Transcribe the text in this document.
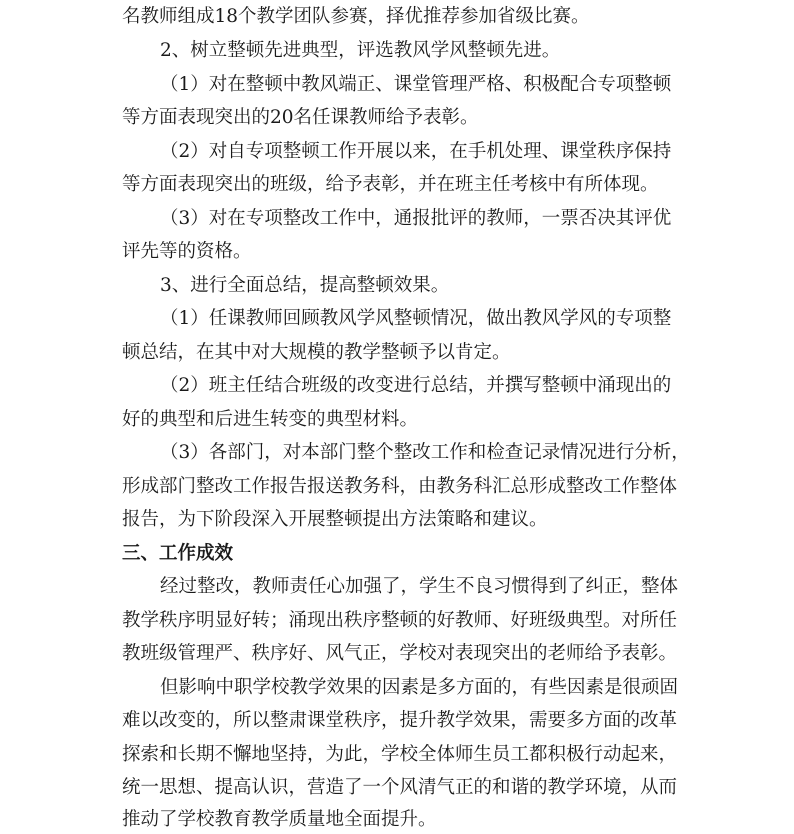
名教师组成18个教学团队参赛，择优推荐参加省级比赛。
2、树立整顿先进典型，评选教风学风整顿先进。
（1）对在整顿中教风端正、课堂管理严格、积极配合专项整顿
等方面表现突出的20名任课教师给予表彰。
（2）对自专项整顿工作开展以来，在手机处理、课堂秩序保持
等方面表现突出的班级，给予表彰，并在班主任考核中有所体现。
（3）对在专项整改工作中，通报批评的教师，一票否决其评优
评先等的资格。
3、进行全面总结，提高整顿效果。
（1）任课教师回顾教风学风整顿情况，做出教风学风的专项整
顿总结，在其中对大规模的教学整顿予以肯定。
（2）班主任结合班级的改变进行总结，并撰写整顿中涌现出的
好的典型和后进生转变的典型材料。
（3）各部门，对本部门整个整改工作和检查记录情况进行分析，
形成部门整改工作报告报送教务科，由教务科汇总形成整改工作整体
报告，为下阶段深入开展整顿提出方法策略和建议。
三、工作成效
经过整改，教师责任心加强了，学生不良习惯得到了纠正，整体
教学秩序明显好转；涌现出秩序整顿的好教师、好班级典型。对所任
教班级管理严、秩序好、风气正，学校对表现突出的老师给予表彰。
但影响中职学校教学效果的因素是多方面的，有些因素是很顽固
难以改变的，所以整肃课堂秩序，提升教学效果，需要多方面的改革
探索和长期不懈地坚持，为此，学校全体师生员工都积极行动起来，
统一思想、提高认识，营造了一个风清气正的和谐的教学环境，从而
推动了学校教育教学质量地全面提升。
